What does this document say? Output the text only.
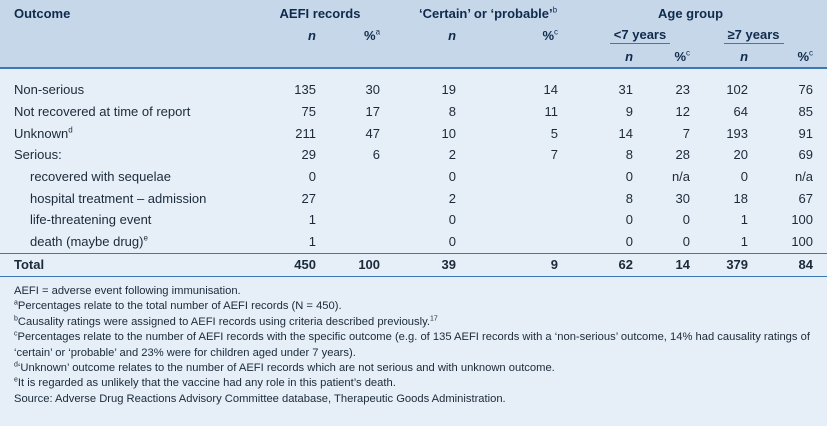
Outcome	AEFI records		‘Certain’ or ‘probable’$^b$		Age group				
	n	%$^a$	n	%$^c$	<7 years		≥7 years		
					n	%$^c$	n	%$^c$	

Non-serious	135	30	19	14	31	23	102	76	
Not recovered at time of report	75	17	8	11	9	12	64	85	
Unknown$^d$	211	47	10	5	14	7	193	91	
Serious:	29	6	2	7	8	28	20	69	
recovered with sequelae	0		0		0	n/a	0	n/a	
hospital treatment – admission	27		2		8	30	18	67	
life-threatening event	1		0		0	0	1	100	
death (maybe drug)$^e$	1		0		0	0	1	100	
Total	450	100	39	9	62	14	379	84	
AEFI = adverse event following immunisation.
$^a$Percentages relate to the total number of AEFI records (N = 450).
$^b$Causality ratings were assigned to AEFI records using criteria described previously.$^{17}$
$^c$Percentages relate to the number of AEFI records with the specific outcome (e.g. of 135 AEFI records with a ‘non-serious’ outcome, 14% had causality ratings of ‘certain’ or ‘probable’ and 23% were for children aged under 7 years).
$^d$‘Unknown’ outcome relates to the number of AEFI records which are not serious and with unknown outcome.
$^e$It is regarded as unlikely that the vaccine had any role in this patient’s death.
Source: Adverse Drug Reactions Advisory Committee database, Therapeutic Goods Administration.
